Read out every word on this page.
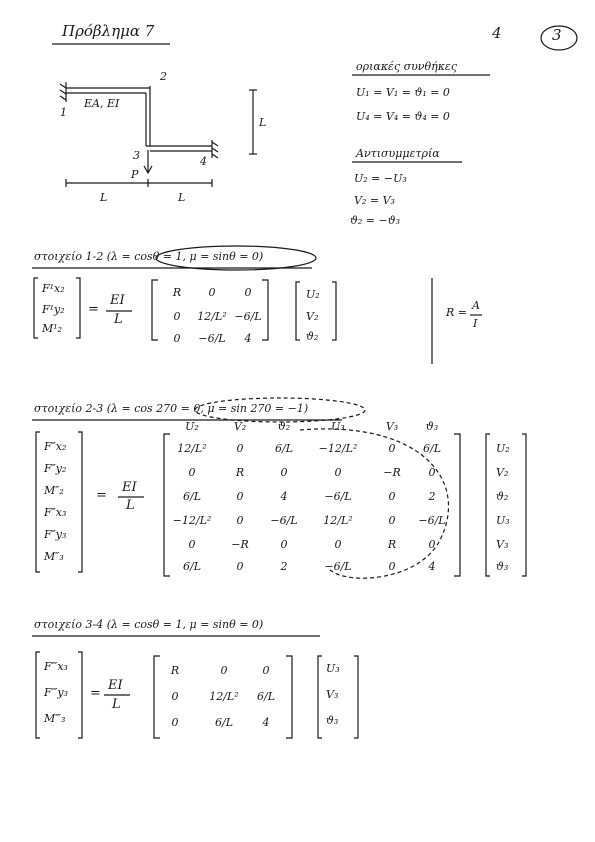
Πρόβλημα 7	4	3
1
2
3	4
EA, EI
L
P
L	L
οριακές συνθήκες
U₁ = V₁ = ϑ₁ = 0
U₄ = V₄ = ϑ₄ = 0
Αντισυμμετρία
U₂ = −U₃
V₂ = V₃
ϑ₂ = −ϑ₃
στοιχείο 1-2 (λ = cosθ = 1, μ = sinθ = 0)
F¹x₂
F¹y₂
M¹₂
=
EI
L
R	0	0
0	12/L² −6/L
0	−6/L	4
U₂
V₂
ϑ₂
R =
A
I
στοιχείο 2-3 (λ = cos 270 = 0, μ = sin 270 = −1)
U₂	V₂	ϑ₂	U₃	V₃	ϑ₃
F″x₂
F″y₂
M″₂
F″x₃
F″y₃
M″₃
=
EI
L
12/L²	0	6/L	−12/L²	0	6/L
0	R	0	0	−R	0
6/L	0	4	−6/L	0	2
−12/L²	0	−6/L	12/L²	0	−6/L
0	−R	0	0	R	0
6/L	0	2	−6/L	0	4
U₂
V₂
ϑ₂
U₃
V₃
ϑ₃
στοιχείο 3-4 (λ = cosθ = 1, μ = sinθ = 0)
F‴x₃
F‴y₃
M‴₃
=
EI
L
R	0	0
0	12/L²	6/L
0	6/L	4
U₃
V₃
ϑ₃
